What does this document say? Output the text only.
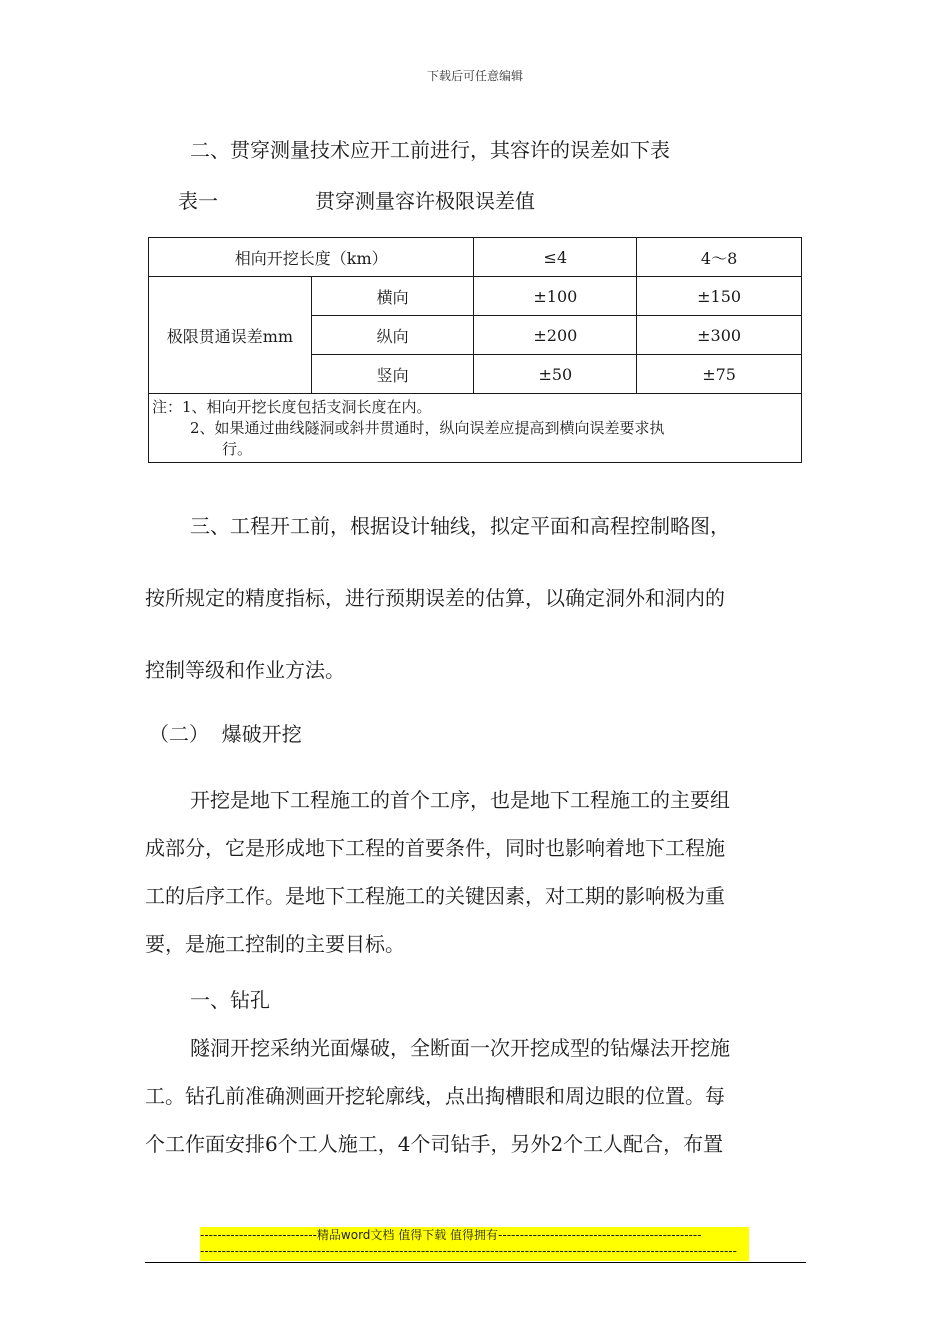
下载后可任意编辑
二、贯穿测量技术应开工前进行，其容许的误差如下表
表一	贯穿测量容许极限误差值
相向开挖长度（km）		≤4	4～8
极限贯通误差mm	横向	±100	±150
	纵向	±200	±300
	竖向	±50	±75

注：1、相向开挖长度包括支洞长度在内。
2、如果通过曲线隧洞或斜井贯通时，纵向误差应提高到横向误差要求执
行。			
三、工程开工前，根据设计轴线，拟定平面和高程控制略图，
按所规定的精度指标，进行预期误差的估算，以确定洞外和洞内的
控制等级和作业方法。
（二）  爆破开挖
开挖是地下工程施工的首个工序，也是地下工程施工的主要组
成部分，它是形成地下工程的首要条件，同时也影响着地下工程施
工的后序工作。是地下工程施工的关键因素，对工期的影响极为重
要，是施工控制的主要目标。
一、钻孔
隧洞开挖采纳光面爆破，全断面一次开挖成型的钻爆法开挖施
工。钻孔前准确测画开挖轮廓线，点出掏槽眼和周边眼的位置。每
个工作面安排6个工人施工，4个司钻手，另外2个工人配合，布置
---------------------------精品word文档 值得下载 值得拥有-----------------------------------------------
----------------------------------------------------------------------------------------------------------------------------
